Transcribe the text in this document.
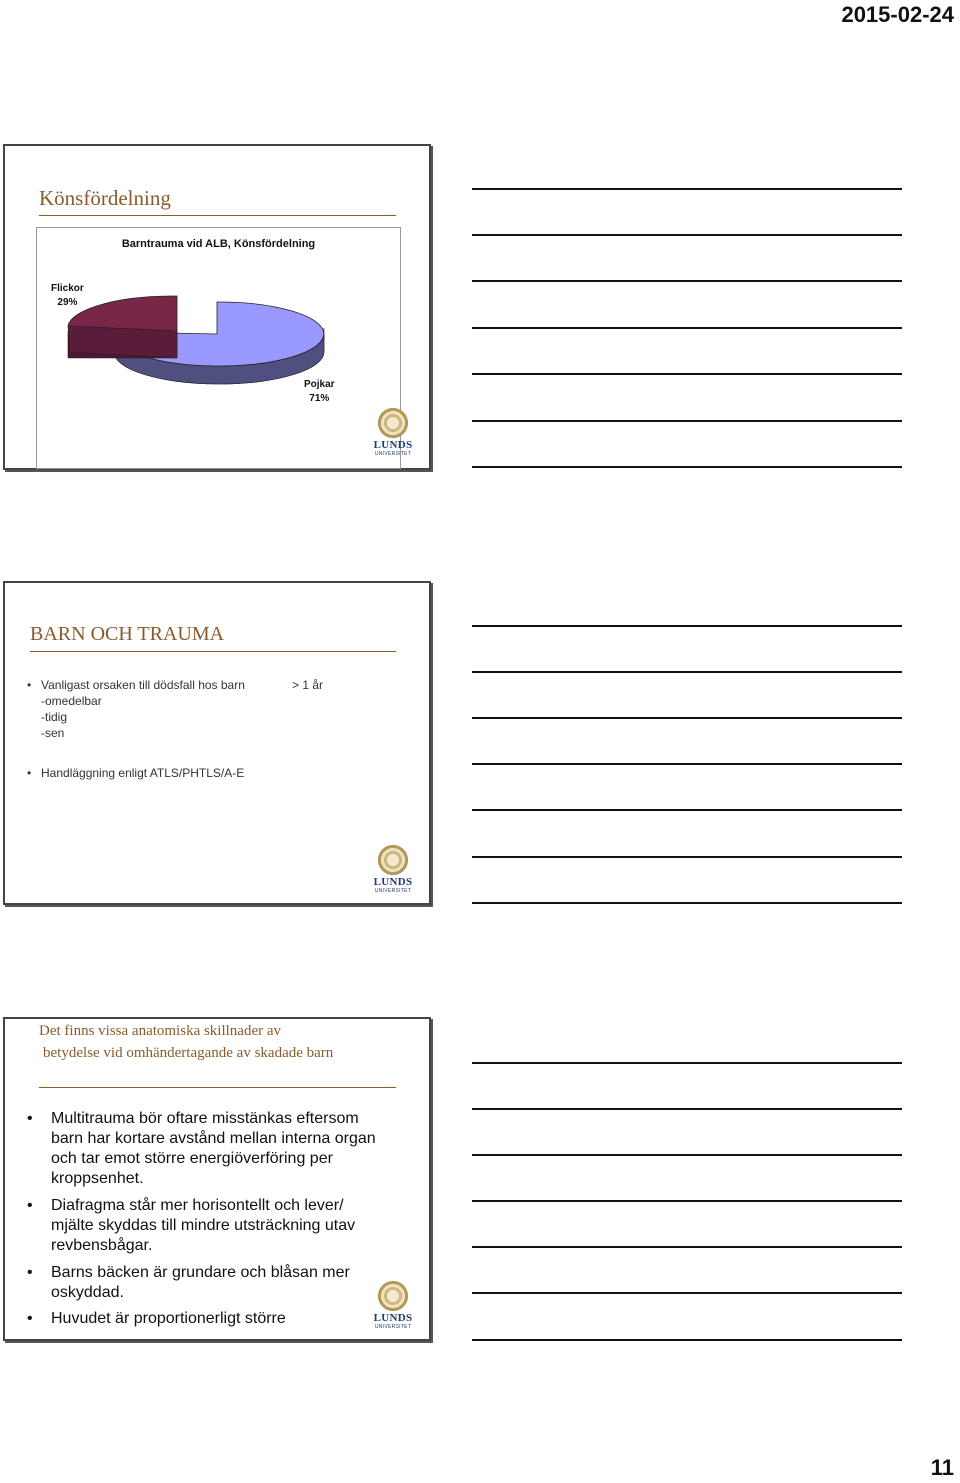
2015-02-24
Könsfördelning
Barntrauma vid ALB, Könsfördelning
Flickor
29%
Pojkar
71%
LUNDS
UNIVERSITET
BARN OCH TRAUMA
• Vanligast orsaken till dödsfall hos barn	> 1 år
-omedelbar
-tidig
-sen
• Handläggning enligt ATLS/PHTLS/A-E
LUNDS
UNIVERSITET
Det finns vissa anatomiska skillnader av
betydelse vid omhändertagande av skadade barn
•	Multitrauma bör oftare misstänkas eftersom barn har kortare avstånd mellan interna organ och tar emot större energiöverföring per kroppsenhet.
•	Diafragma står mer horisontellt och lever/ mjälte skyddas till mindre utsträckning utav revbensbågar.
•	Barns bäcken är grundare och blåsan mer oskyddad.
•	Huvudet är proportionerligt större	LUNDS
UNIVERSITET
11
